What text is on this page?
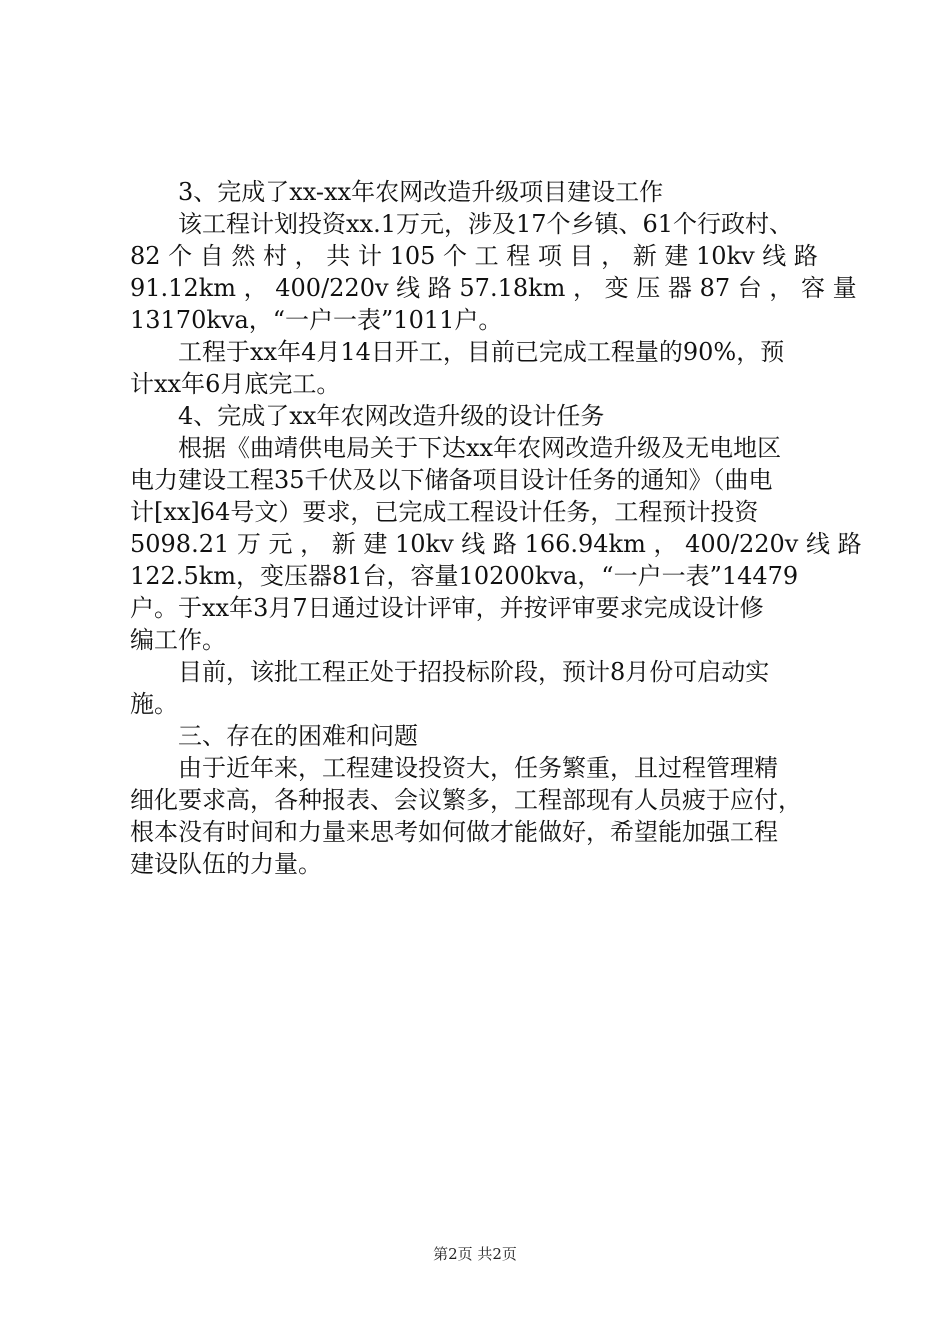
3、完成了xx-xx年农网改造升级项目建设工作
该工程计划投资xx.1万元，涉及17个乡镇、61个行政村、
82 个 自 然 村 ， 共 计 105 个 工 程 项 目 ， 新 建 10kv 线 路
91.12km ， 400/220v 线 路 57.18km ， 变 压 器 87 台 ， 容 量
13170kva，“一户一表”1011户。
工程于xx年4月14日开工，目前已完成工程量的90%，预
计xx年6月底完工。
4、完成了xx年农网改造升级的设计任务
根据《曲靖供电局关于下达xx年农网改造升级及无电地区
电力建设工程35千伏及以下储备项目设计任务的通知》（曲电
计[xx]64号文）要求，已完成工程设计任务，工程预计投资
5098.21 万 元 ， 新 建 10kv 线 路 166.94km ， 400/220v 线 路
122.5km，变压器81台，容量10200kva，“一户一表”14479
户。于xx年3月7日通过设计评审，并按评审要求完成设计修
编工作。
目前，该批工程正处于招投标阶段，预计8月份可启动实
施。
三、存在的困难和问题
由于近年来，工程建设投资大，任务繁重，且过程管理精
细化要求高，各种报表、会议繁多，工程部现有人员疲于应付，
根本没有时间和力量来思考如何做才能做好，希望能加强工程
建设队伍的力量。
第2页 共2页
